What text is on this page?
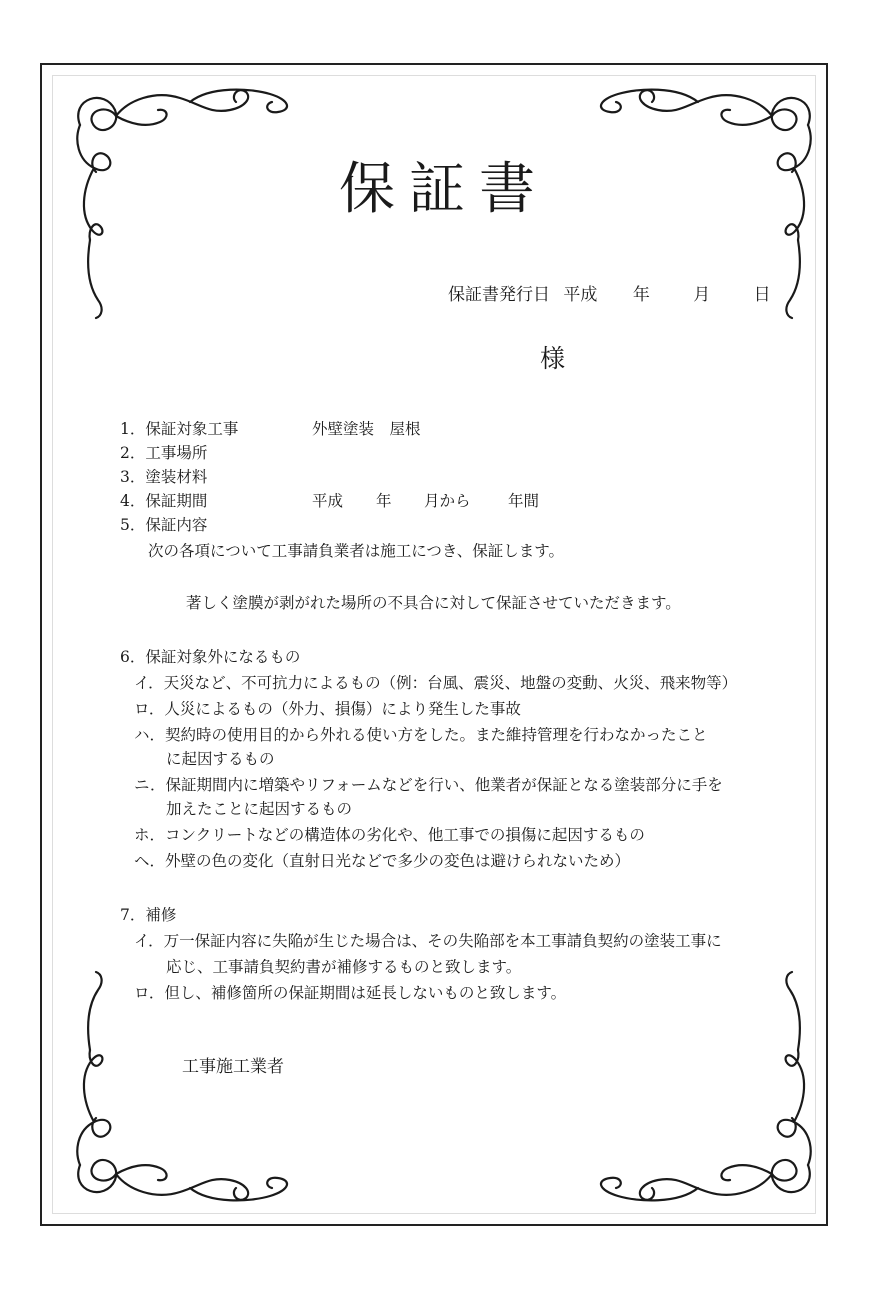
保証書
保証書発行日 平成 年	月	日
様
1．保証対象工事	外壁塗装　屋根
2．工事場所
3．塗装材料
4．保証期間	平成 年 月から 年間
5．保証内容
次の各項について工事請負業者は施工につき、保証します。
著しく塗膜が剥がれた場所の不具合に対して保証させていただきます。
6．保証対象外になるもの
イ．天災など、不可抗力によるもの（例：台風、震災、地盤の変動、火災、飛来物等）
ロ．人災によるもの（外力、損傷）により発生した事故
ハ．契約時の使用目的から外れる使い方をした。また維持管理を行わなかったこと
に起因するもの
ニ．保証期間内に増築やリフォームなどを行い、他業者が保証となる塗装部分に手を
加えたことに起因するもの
ホ．コンクリートなどの構造体の劣化や、他工事での損傷に起因するもの
ヘ．外壁の色の変化（直射日光などで多少の変色は避けられないため）
7．補修
イ．万一保証内容に失陥が生じた場合は、その失陥部を本工事請負契約の塗装工事に
応じ、工事請負契約書が補修するものと致します。
ロ．但し、補修箇所の保証期間は延長しないものと致します。
工事施工業者
